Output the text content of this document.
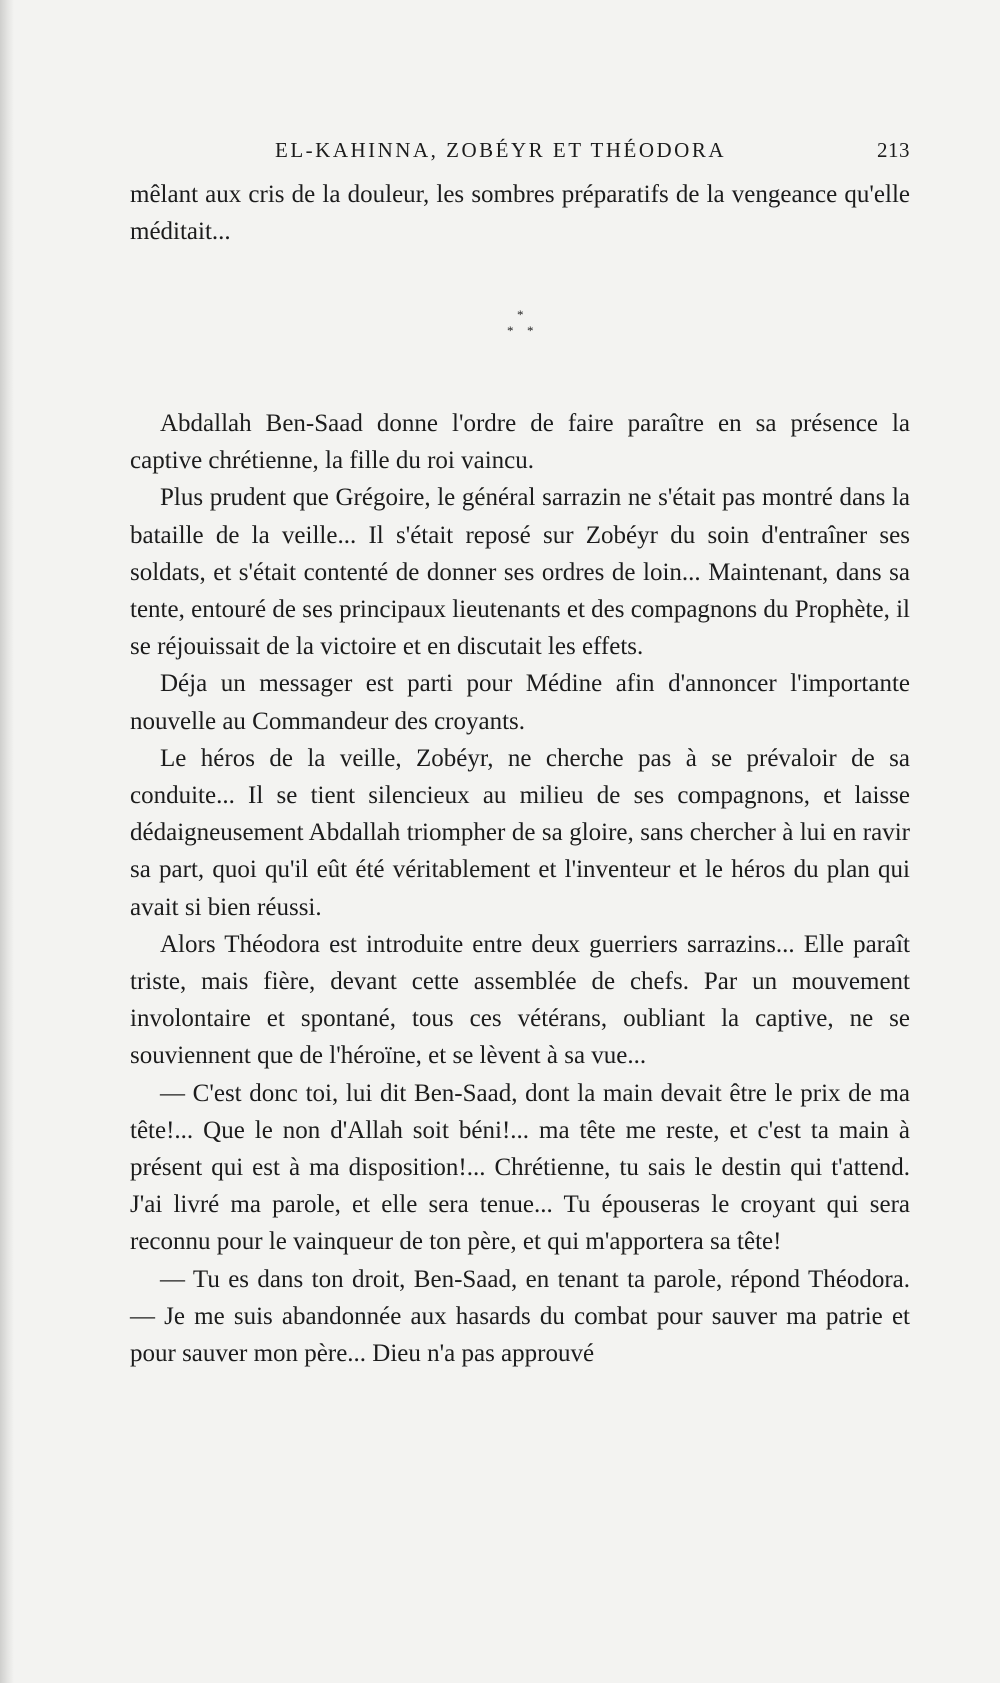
EL-KAHINNA, ZOBÉYR ET THÉODORA	213

mêlant aux cris de la douleur, les sombres préparatifs de la vengeance qu'elle méditait...

*
* *

Abdallah Ben-Saad donne l'ordre de faire paraître en sa présence la captive chrétienne, la fille du roi vaincu.

Plus prudent que Grégoire, le général sarrazin ne s'était pas montré dans la bataille de la veille... Il s'était reposé sur Zobéyr du soin d'entraîner ses soldats, et s'était contenté de donner ses ordres de loin... Maintenant, dans sa tente, entouré de ses principaux lieutenants et des compagnons du Prophète, il se réjouissait de la victoire et en discutait les effets.

Déja un messager est parti pour Médine afin d'annoncer l'importante nouvelle au Commandeur des croyants.

Le héros de la veille, Zobéyr, ne cherche pas à se prévaloir de sa conduite... Il se tient silencieux au milieu de ses compagnons, et laisse dédaigneusement Abdallah triompher de sa gloire, sans chercher à lui en ravir sa part, quoi qu'il eût été véritablement et l'inventeur et le héros du plan qui avait si bien réussi.

Alors Théodora est introduite entre deux guerriers sarrazins... Elle paraît triste, mais fière, devant cette assemblée de chefs. Par un mouvement involontaire et spontané, tous ces vétérans, oubliant la captive, ne se souviennent que de l'héroïne, et se lèvent à sa vue...

— C'est donc toi, lui dit Ben-Saad, dont la main devait être le prix de ma tête!... Que le non d'Allah soit béni!... ma tête me reste, et c'est ta main à présent qui est à ma disposition!... Chrétienne, tu sais le destin qui t'attend. J'ai livré ma parole, et elle sera tenue... Tu épouseras le croyant qui sera reconnu pour le vainqueur de ton père, et qui m'apportera sa tête!

— Tu es dans ton droit, Ben-Saad, en tenant ta parole, répond Théodora. — Je me suis abandonnée aux hasards du combat pour sauver ma patrie et pour sauver mon père... Dieu n'a pas approuvé
